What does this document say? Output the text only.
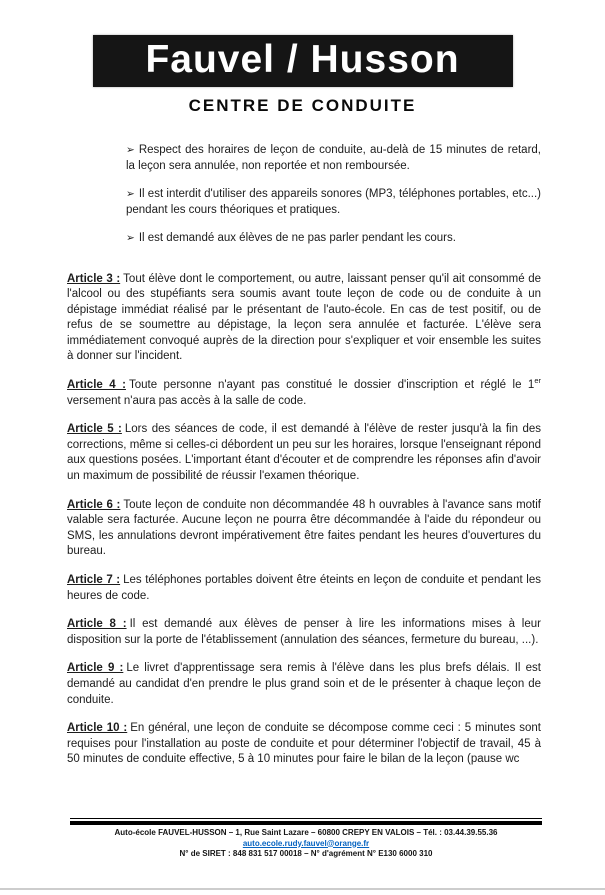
Fauvel / Husson
CENTRE DE CONDUITE
➢ Respect des horaires de leçon de conduite, au-delà de 15 minutes de retard, la leçon sera annulée, non reportée et non remboursée.
➢ Il est interdit d'utiliser des appareils sonores (MP3, téléphones portables, etc...) pendant les cours théoriques et pratiques.
➢ Il est demandé aux élèves de ne pas parler pendant les cours.
Article 3 : Tout élève dont le comportement, ou autre, laissant penser qu'il ait consommé de l'alcool ou des stupéfiants sera soumis avant toute leçon de code ou de conduite à un dépistage immédiat réalisé par le présentant de l'auto-école. En cas de test positif, ou de refus de se soumettre au dépistage, la leçon sera annulée et facturée. L'élève sera immédiatement convoqué auprès de la direction pour s'expliquer et voir ensemble les suites à donner sur l'incident.
Article 4 : Toute personne n'ayant pas constitué le dossier d'inscription et réglé le 1er versement n'aura pas accès à la salle de code.
Article 5 : Lors des séances de code, il est demandé à l'élève de rester jusqu'à la fin des corrections, même si celles-ci débordent un peu sur les horaires, lorsque l'enseignant répond aux questions posées. L'important étant d'écouter et de comprendre les réponses afin d'avoir un maximum de possibilité de réussir l'examen théorique.
Article 6 : Toute leçon de conduite non décommandée 48 h ouvrables à l'avance sans motif valable sera facturée. Aucune leçon ne pourra être décommandée à l'aide du répondeur ou SMS, les annulations devront impérativement être faites pendant les heures d'ouvertures du bureau.
Article 7 : Les téléphones portables doivent être éteints en leçon de conduite et pendant les heures de code.
Article 8 : Il est demandé aux élèves de penser à lire les informations mises à leur disposition sur la porte de l'établissement (annulation des séances, fermeture du bureau, ...).
Article 9 : Le livret d'apprentissage sera remis à l'élève dans les plus brefs délais. Il est demandé au candidat d'en prendre le plus grand soin et de le présenter à chaque leçon de conduite.
Article 10 : En général, une leçon de conduite se décompose comme ceci : 5 minutes sont requises pour l'installation au poste de conduite et pour déterminer l'objectif de travail, 45 à 50 minutes de conduite effective, 5 à 10 minutes pour faire le bilan de la leçon (pause wc
Auto-école FAUVEL-HUSSON – 1, Rue Saint Lazare – 60800 CREPY EN VALOIS – Tél. : 03.44.39.55.36
auto.ecole.rudy.fauvel@orange.fr
N° de SIRET : 848 831 517 00018 – N° d'agrément N° E130 6000 310
